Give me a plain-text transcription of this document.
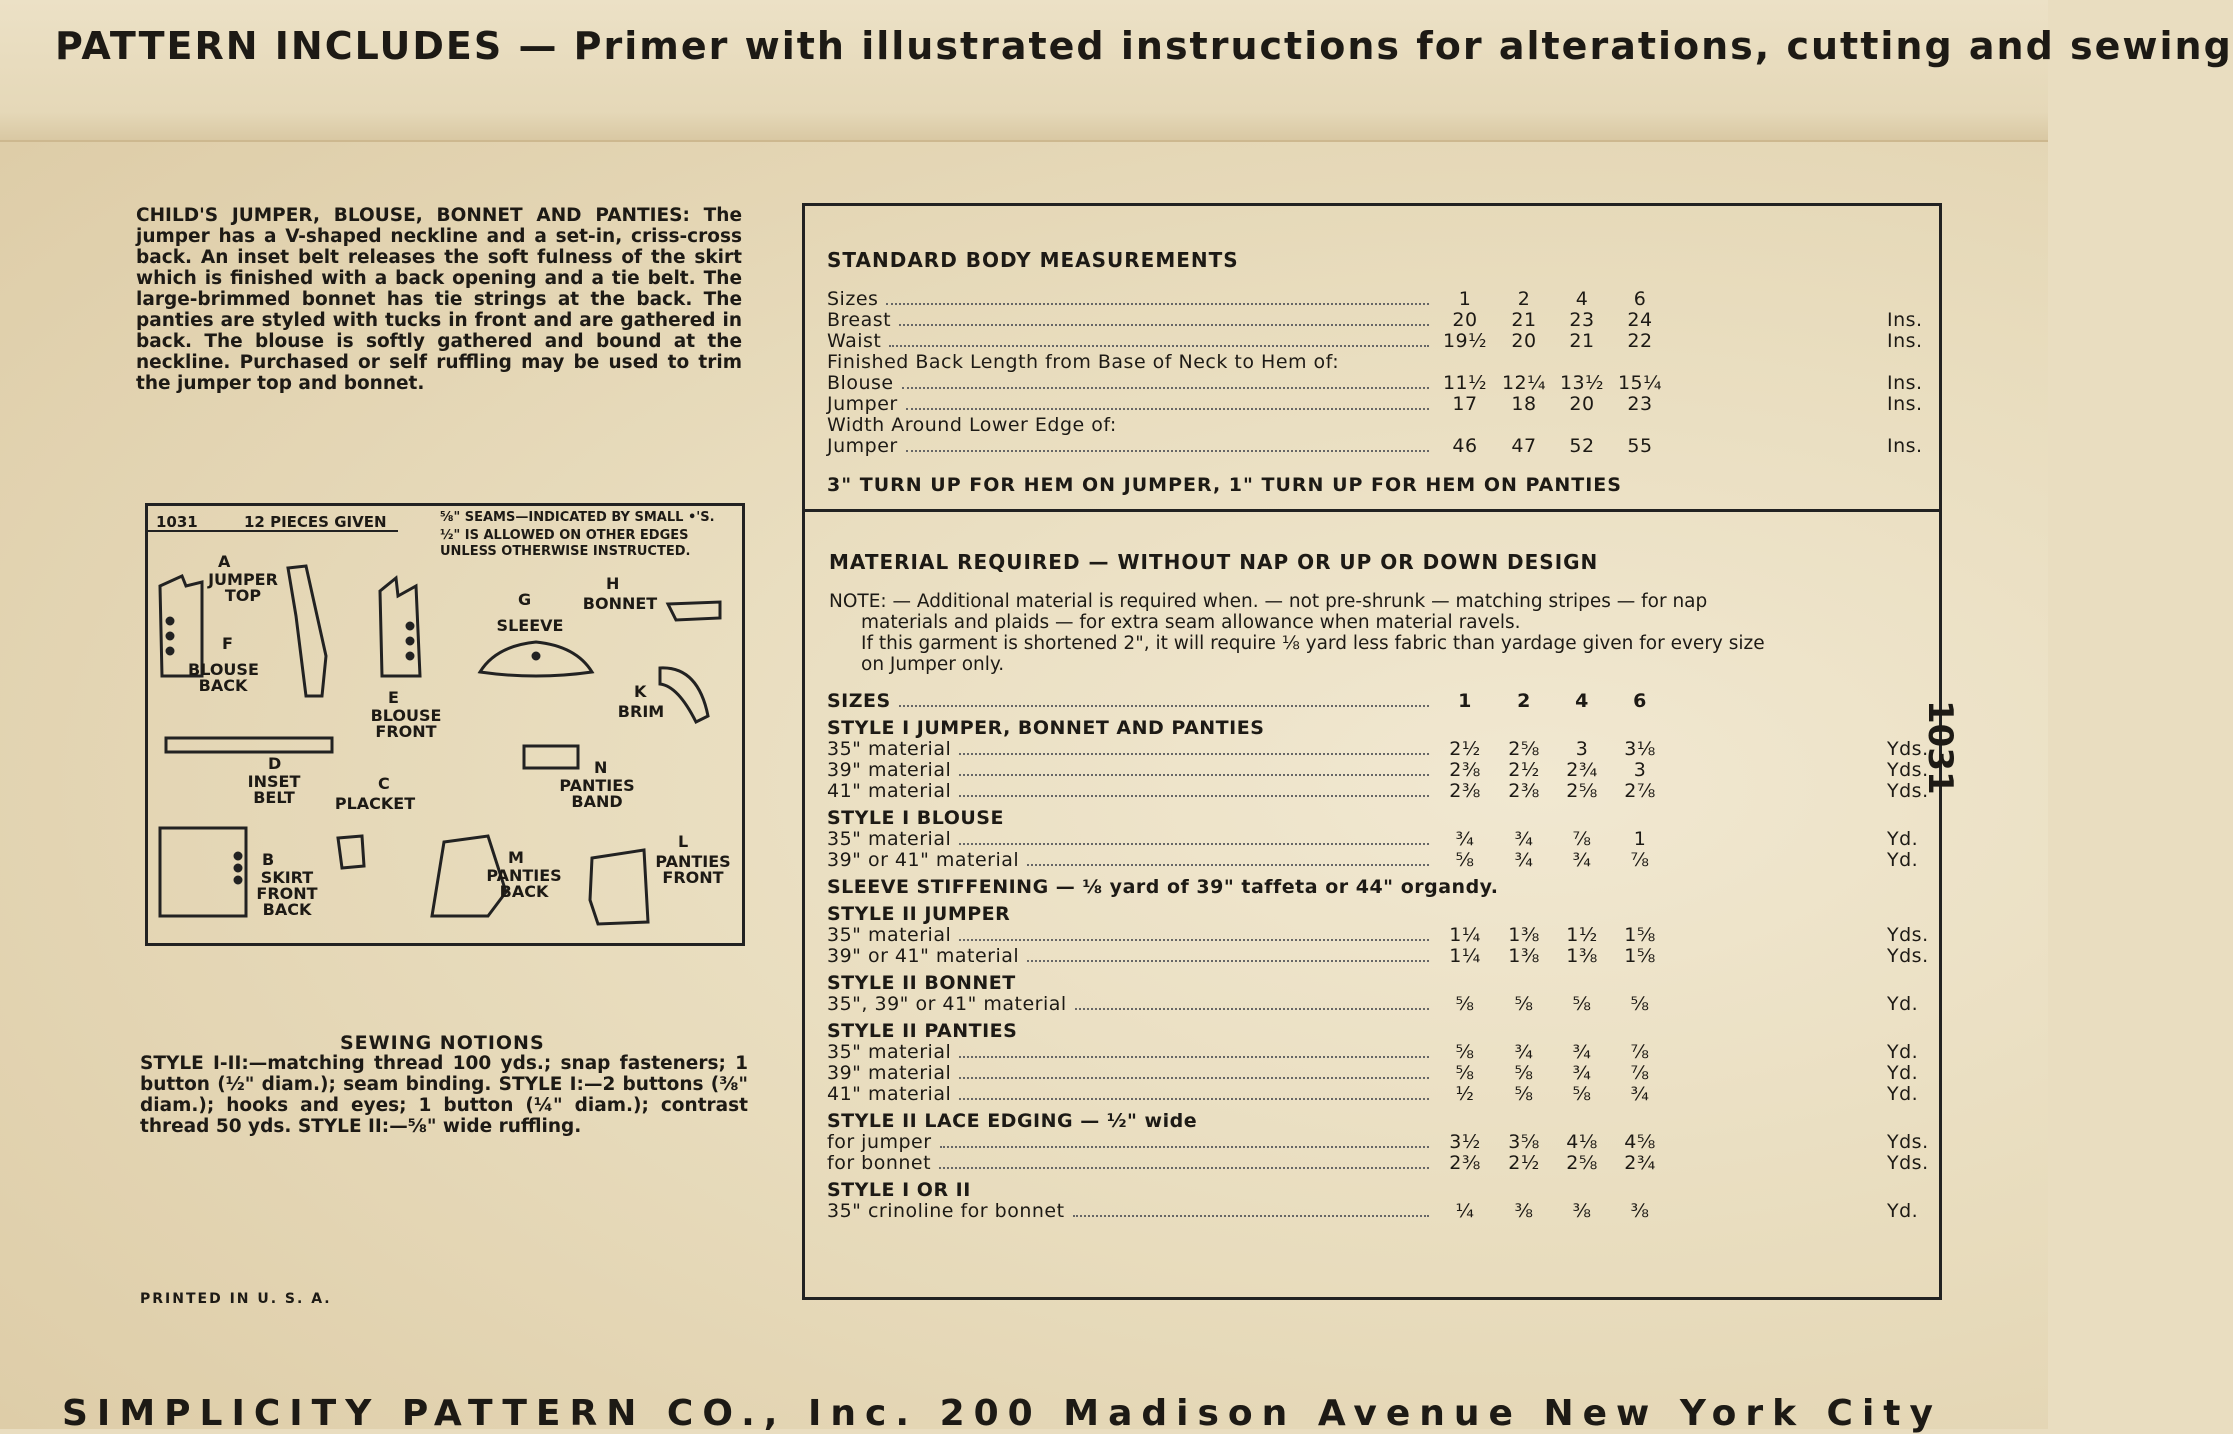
PATTERN INCLUDES — Primer with illustrated instructions for alterations, cutting and sewing
CHILD'S JUMPER, BLOUSE, BONNET AND PANTIES: The jumper has a V-shaped neckline and a set-in, criss-cross back. An inset belt releases the soft fulness of the skirt which is finished with a back opening and a tie belt. The large-brimmed bonnet has tie strings at the back. The panties are styled with tucks in front and are gathered in back. The blouse is softly gathered and bound at the neckline. Purchased or self ruffling may be used to trim the jumper top and bonnet.
1031	12 PIECES GIVEN	⅝" SEAMS—INDICATED BY SMALL •'S.
½" IS ALLOWED ON OTHER EDGES
UNLESS OTHERWISE INSTRUCTED.
A
JUMPER TOP
F
BLOUSE BACK
E
BLOUSE FRONT
G
SLEEVE
H
BONNET
K
BRIM
D
INSET BELT
C
PLACKET
N
PANTIES BAND
B
SKIRT FRONT BACK
M
PANTIES BACK
L
PANTIES FRONT
SEWING NOTIONS
STYLE I-II:—matching thread 100 yds.; snap fasteners; 1 button (½" diam.); seam binding. STYLE I:—2 buttons (⅜" diam.); hooks and eyes; 1 button (¼" diam.); contrast thread 50 yds. STYLE II:—⅝" wide ruffling.
PRINTED IN U. S. A.
STANDARD BODY MEASUREMENTS
Sizes	1	2	4	6
Breast	20	21	23	24	Ins.
Waist	19½	20	21	22	Ins.
Finished Back Length from Base of Neck to Hem of:
Blouse	11½ 12¼ 13½ 15¼	Ins.
Jumper	17	18	20	23	Ins.
Width Around Lower Edge of:
Jumper	46	47	52	55	Ins.
3" TURN UP FOR HEM ON JUMPER, 1" TURN UP FOR HEM ON PANTIES
MATERIAL REQUIRED — WITHOUT NAP OR UP OR DOWN DESIGN
NOTE: — Additional material is required when. — not pre-shrunk — matching stripes — for nap
materials and plaids — for extra seam allowance when material ravels.
If this garment is shortened 2", it will require ⅛ yard less fabric than yardage given for every size
on Jumper only.
SIZES	1	2	4	6
STYLE I JUMPER, BONNET AND PANTIES
35" material	2½	2⅝	3	3⅛	Yds.
39" material	2⅜	2½	2¾	3	Yds.
41" material	2⅜	2⅜	2⅝	2⅞	Yds.
STYLE I BLOUSE
35" material	¾	¾	⅞	1	Yd.
39" or 41" material	⅝	¾	¾	⅞	Yd.
SLEEVE STIFFENING — ⅛ yard of 39" taffeta or 44" organdy.
STYLE II JUMPER
35" material	1¼	1⅜	1½	1⅝	Yds.
39" or 41" material	1¼	1⅜	1⅜	1⅝	Yds.
STYLE II BONNET
35", 39" or 41" material	⅝	⅝	⅝	⅝	Yd.
STYLE II PANTIES
35" material	⅝	¾	¾	⅞	Yd.
39" material	⅝	⅝	¾	⅞	Yd.
41" material	½	⅝	⅝	¾	Yd.
STYLE II LACE EDGING — ½" wide
for jumper	3½	3⅝	4⅛	4⅝	Yds.
for bonnet	2⅜	2½	2⅝	2¾	Yds.
STYLE I OR II
35" crinoline for bonnet	¼	⅜	⅜	⅜	Yd.
1031
SIMPLICITY PATTERN CO., Inc. 200 Madison Avenue New York City
